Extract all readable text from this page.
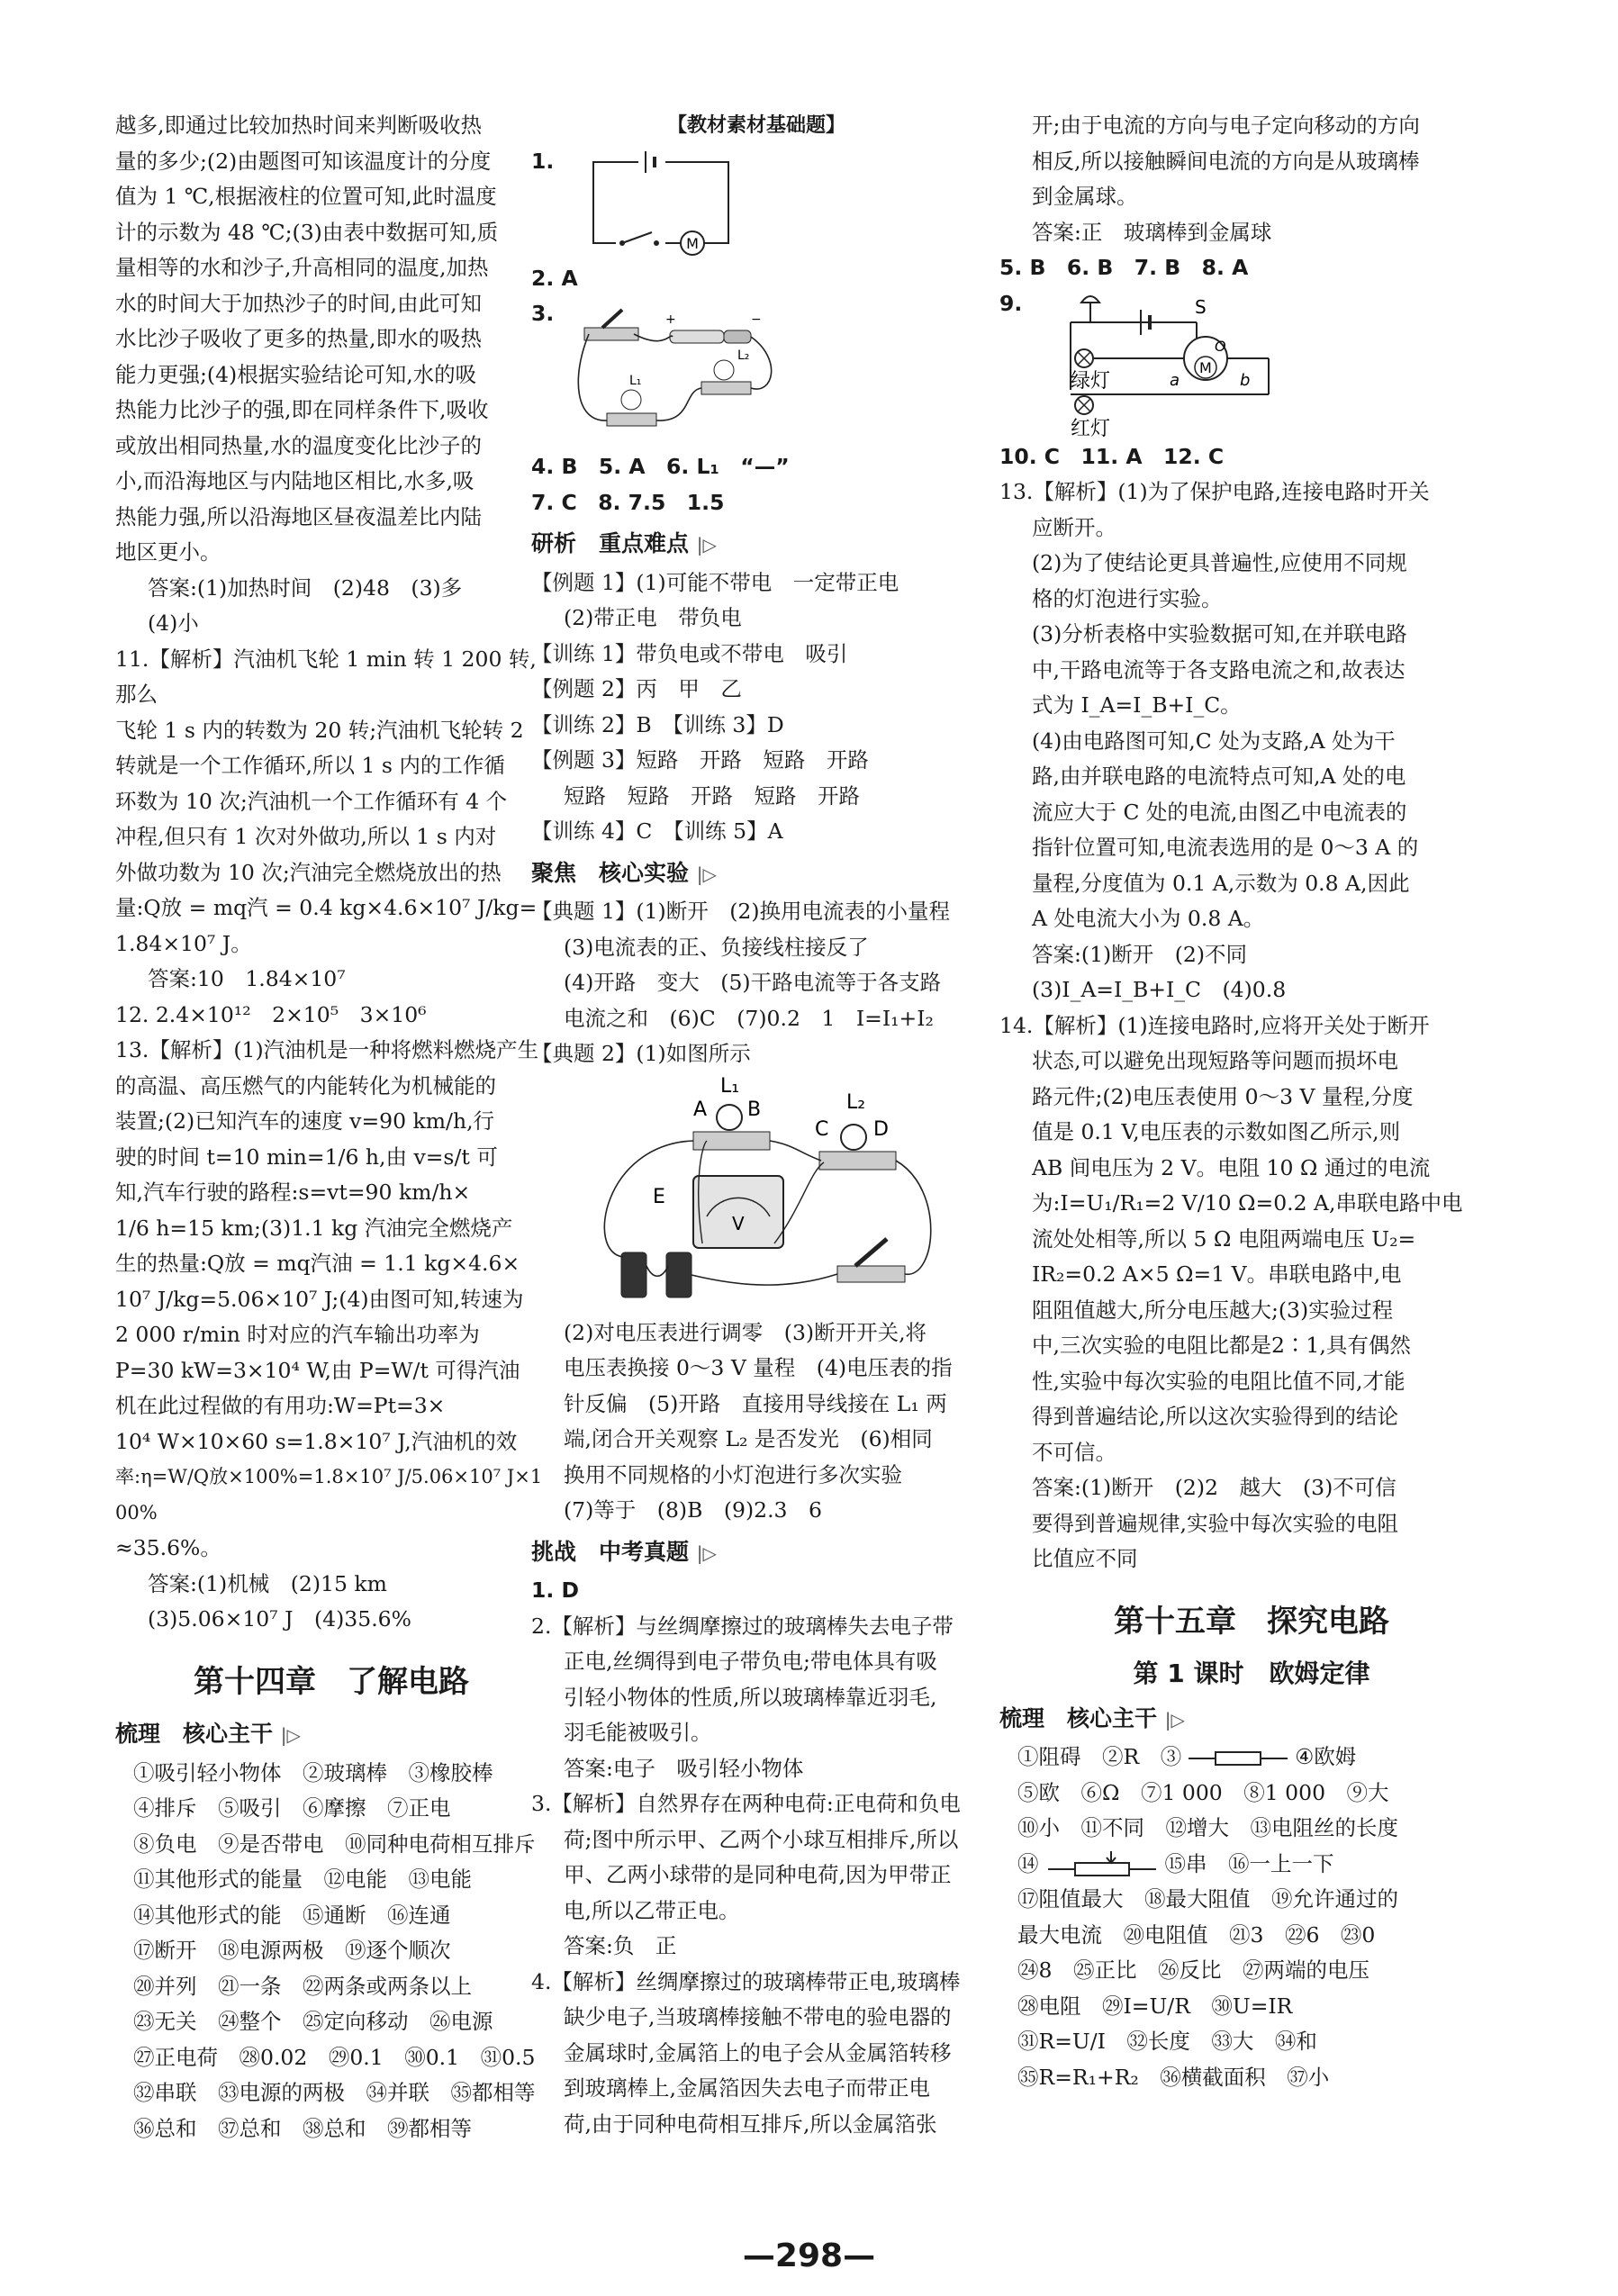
越多,即通过比较加热时间来判断吸收热

量的多少;(2)由题图可知该温度计的分度

值为 1 ℃,根据液柱的位置可知,此时温度

计的示数为 48 ℃;(3)由表中数据可知,质

量相等的水和沙子,升高相同的温度,加热

水的时间大于加热沙子的时间,由此可知

水比沙子吸收了更多的热量,即水的吸热

能力更强;(4)根据实验结论可知,水的吸

热能力比沙子的强,即在同样条件下,吸收

或放出相同热量,水的温度变化比沙子的

小,而沿海地区与内陆地区相比,水多,吸

热能力强,所以沿海地区昼夜温差比内陆

地区更小。

答案:(1)加热时间　(2)48　(3)多

(4)小

11.【解析】汽油机飞轮 1 min 转 1 200 转,那么

飞轮 1 s 内的转数为 20 转;汽油机飞轮转 2

转就是一个工作循环,所以 1 s 内的工作循

环数为 10 次;汽油机一个工作循环有 4 个

冲程,但只有 1 次对外做功,所以 1 s 内对

外做功数为 10 次;汽油完全燃烧放出的热

量:Q放 = mq汽 = 0.4 kg×4.6×10⁷ J/kg=

1.84×10⁷ J。

答案:10　1.84×10⁷

12. 2.4×10¹²　2×10⁵　3×10⁶

13.【解析】(1)汽油机是一种将燃料燃烧产生

的高温、高压燃气的内能转化为机械能的

装置;(2)已知汽车的速度 v=90 km/h,行

驶的时间 t=10 min=1/6 h,由 v=s/t 可

知,汽车行驶的路程:s=vt=90 km/h×

1/6 h=15 km;(3)1.1 kg 汽油完全燃烧产

生的热量:Q放 = mq汽油 = 1.1 kg×4.6×

10⁷ J/kg=5.06×10⁷ J;(4)由图可知,转速为

2 000 r/min 时对应的汽车输出功率为

P=30 kW=3×10⁴ W,由 P=W/t 可得汽油

机在此过程做的有用功:W=Pt=3×

10⁴ W×10×60 s=1.8×10⁷ J,汽油机的效

率:η=W/Q放×100%=1.8×10⁷ J/5.06×10⁷ J×100%

≈35.6%。

答案:(1)机械　(2)15 km

(3)5.06×10⁷ J　(4)35.6%

第十四章　了解电路
梳理　核心主干 |▷

①吸引轻小物体　②玻璃棒　③橡胶棒

④排斥　⑤吸引　⑥摩擦　⑦正电

⑧负电　⑨是否带电　⑩同种电荷相互排斥

⑪其他形式的能量　⑫电能　⑬电能

⑭其他形式的能　⑮通断　⑯连通

⑰断开　⑱电源两极　⑲逐个顺次

⑳并列　㉑一条　㉒两条或两条以上

㉓无关　㉔整个　㉕定向移动　㉖电源

㉗正电荷　㉘0.02　㉙0.1　㉚0.1　㉛0.5

㉜串联　㉝电源的两极　㉞并联　㉟都相等

㊱总和　㊲总和　㊳总和　㊴都相等

【教材素材基础题】
1.
M

2. A

3.	+	−
L₁
L₂

4. B　5. A　6. L₁　“—”

7. C　8. 7.5　1.5

研析　重点难点 |▷

【例题 1】(1)可能不带电　一定带正电

(2)带正电　带负电

【训练 1】带负电或不带电　吸引

【例题 2】丙　甲　乙

【训练 2】B　【训练 3】D

【例题 3】短路　开路　短路　开路

短路　短路　开路　短路　开路

【训练 4】C　【训练 5】A

聚焦　核心实验 |▷

【典题 1】(1)断开　(2)换用电流表的小量程

(3)电流表的正、负接线柱接反了

(4)开路　变大　(5)干路电流等于各支路

电流之和　(6)C　(7)0.2　1　I=I₁+I₂

【典题 2】(1)如图所示

L₁
A B	L₂
C D
E
V

(2)对电压表进行调零　(3)断开开关,将

电压表换接 0～3 V 量程　(4)电压表的指

针反偏　(5)开路　直接用导线接在 L₁ 两

端,闭合开关观察 L₂ 是否发光　(6)相同

换用不同规格的小灯泡进行多次实验

(7)等于　(8)B　(9)2.3　6

挑战　中考真题 |▷

1. D

2.【解析】与丝绸摩擦过的玻璃棒失去电子带

正电,丝绸得到电子带负电;带电体具有吸

引轻小物体的性质,所以玻璃棒靠近羽毛,

羽毛能被吸引。

答案:电子　吸引轻小物体

3.【解析】自然界存在两种电荷:正电荷和负电

荷;图中所示甲、乙两个小球互相排斥,所以

甲、乙两小球带的是同种电荷,因为甲带正

电,所以乙带正电。

答案:负　正

4.【解析】丝绸摩擦过的玻璃棒带正电,玻璃棒

缺少电子,当玻璃棒接触不带电的验电器的

金属球时,金属箔上的电子会从金属箔转移

到玻璃棒上,金属箔因失去电子而带正电

荷,由于同种电荷相互排斥,所以金属箔张

开;由于电流的方向与电子定向移动的方向

相反,所以接触瞬间电流的方向是从玻璃棒

到金属球。

答案:正　玻璃棒到金属球

5. B　6. B　7. B　8. A

9.	S
M
O
a	b
绿灯
红灯

10. C　11. A　12. C

13.【解析】(1)为了保护电路,连接电路时开关

应断开。

(2)为了使结论更具普遍性,应使用不同规

格的灯泡进行实验。

(3)分析表格中实验数据可知,在并联电路

中,干路电流等于各支路电流之和,故表达

式为 I_A=I_B+I_C。

(4)由电路图可知,C 处为支路,A 处为干

路,由并联电路的电流特点可知,A 处的电

流应大于 C 处的电流,由图乙中电流表的

指针位置可知,电流表选用的是 0～3 A 的

量程,分度值为 0.1 A,示数为 0.8 A,因此

A 处电流大小为 0.8 A。

答案:(1)断开　(2)不同

(3)I_A=I_B+I_C　(4)0.8

14.【解析】(1)连接电路时,应将开关处于断开

状态,可以避免出现短路等问题而损坏电

路元件;(2)电压表使用 0～3 V 量程,分度

值是 0.1 V,电压表的示数如图乙所示,则

AB 间电压为 2 V。电阻 10 Ω 通过的电流

为:I=U₁/R₁=2 V/10 Ω=0.2 A,串联电路中电

流处处相等,所以 5 Ω 电阻两端电压 U₂=

IR₂=0.2 A×5 Ω=1 V。串联电路中,电

阻阻值越大,所分电压越大;(3)实验过程

中,三次实验的电阻比都是2∶1,具有偶然

性,实验中每次实验的电阻比值不同,才能

得到普遍结论,所以这次实验得到的结论

不可信。

答案:(1)断开　(2)2　越大　(3)不可信

要得到普遍规律,实验中每次实验的电阻

比值应不同

第十五章　探究电路
第 1 课时　欧姆定律
梳理　核心主干 |▷

①阻碍　②R　③	④欧姆

⑤欧　⑥Ω　⑦1 000　⑧1 000　⑨大

⑩小　⑪不同　⑫增大　⑬电阻丝的长度

⑭	⑮串　⑯一上一下

⑰阻值最大　⑱最大阻值　⑲允许通过的

最大电流　⑳电阻值　㉑3　㉒6　㉓0

㉔8　㉕正比　㉖反比　㉗两端的电压

㉘电阻　㉙I=U/R　㉚U=IR

㉛R=U/I　㉜长度　㉝大　㉞和

㉟R=R₁+R₂　㊱横截面积　㊲小

—298—
